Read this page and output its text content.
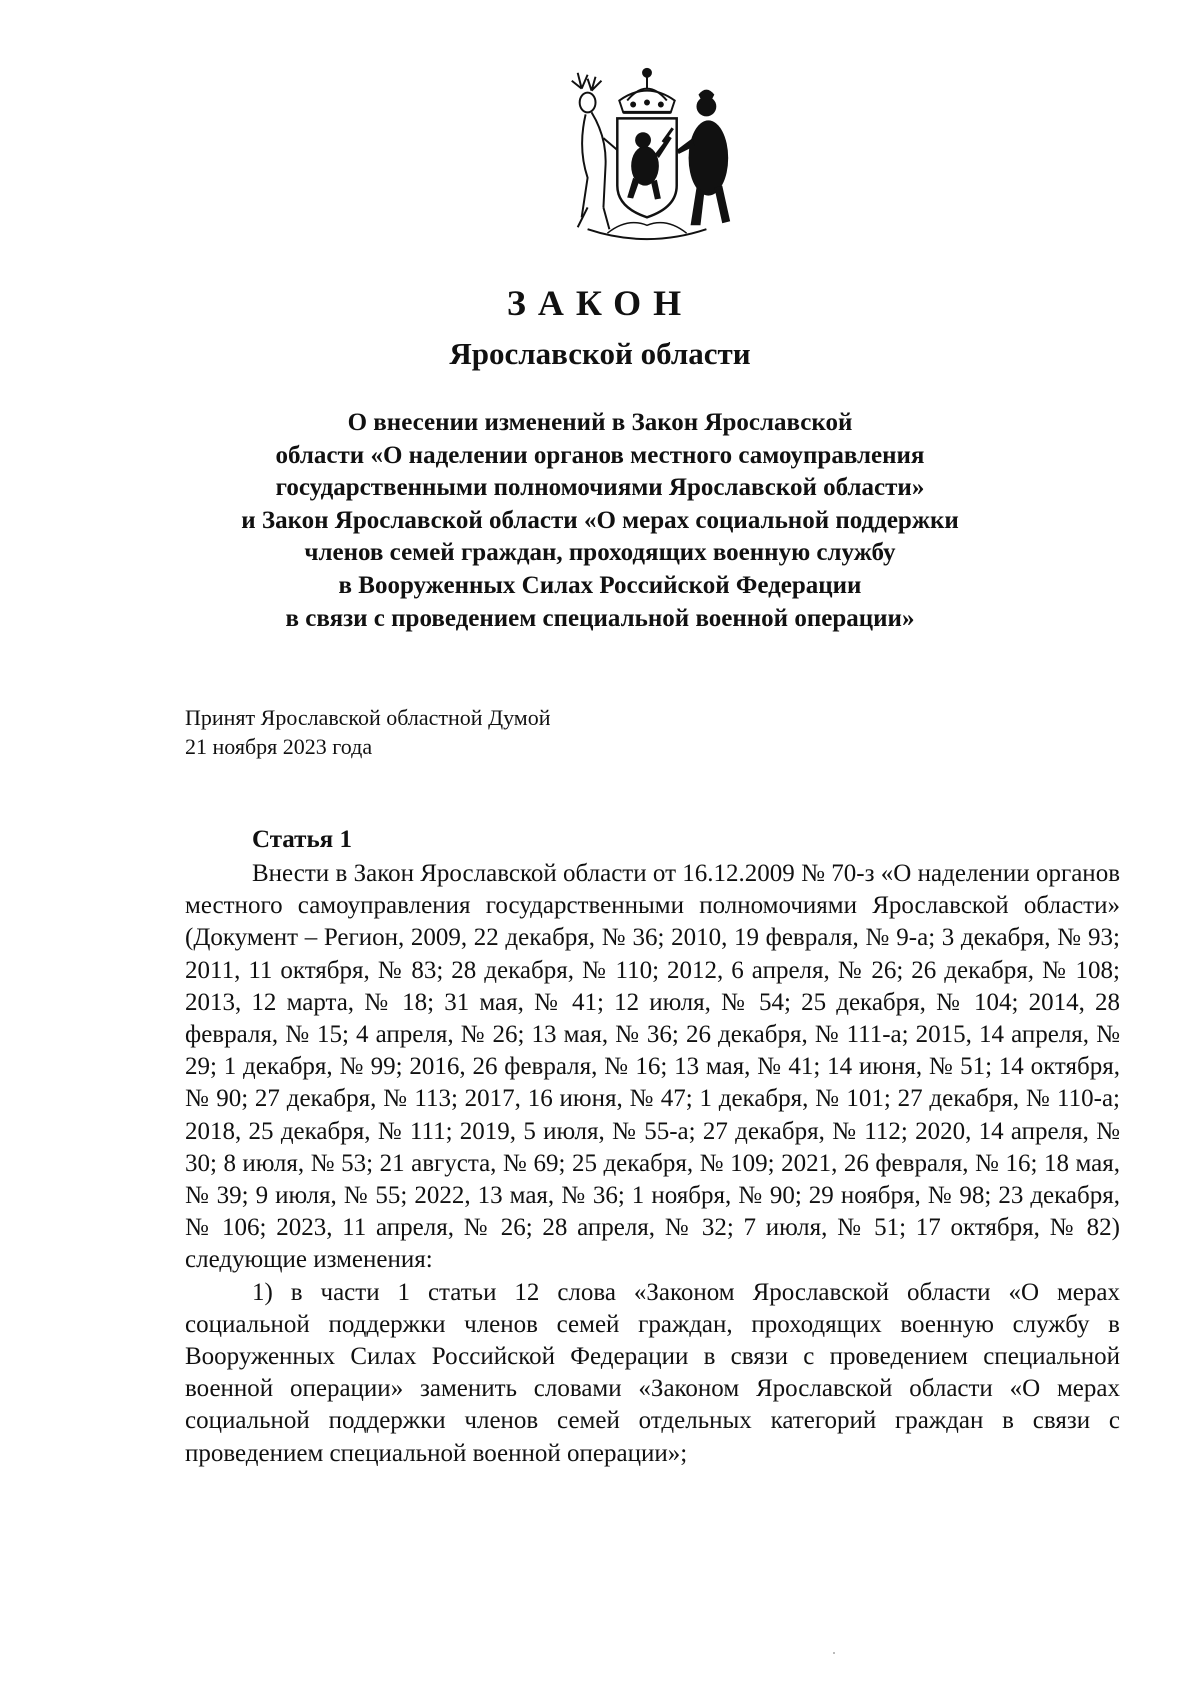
ЗАКОН
Ярославской области
О внесении изменений в Закон Ярославской
области «О наделении органов местного самоуправления
государственными полномочиями Ярославской области»
и Закон Ярославской области «О мерах социальной поддержки
членов семей граждан, проходящих военную службу
в Вооруженных Силах Российской Федерации
в связи с проведением специальной военной операции»
Принят Ярославской областной Думой
21 ноября 2023 года
Статья 1

Внести в Закон Ярославской области от 16.12.2009 № 70-з «О наделении органов местного самоуправления государственными полномочиями Ярославской области» (Документ – Регион, 2009, 22 декабря, № 36; 2010, 19 февраля, № 9-а; 3 декабря, № 93; 2011, 11 октября, № 83; 28 декабря, № 110; 2012, 6 апреля, № 26; 26 декабря, № 108; 2013, 12 марта, № 18; 31 мая, № 41; 12 июля, № 54; 25 декабря, № 104; 2014, 28 февраля, № 15; 4 апреля, № 26; 13 мая, № 36; 26 декабря, № 111-а; 2015, 14 апреля, № 29; 1 декабря, № 99; 2016, 26 февраля, № 16; 13 мая, № 41; 14 июня, № 51; 14 октября, № 90; 27 декабря, № 113; 2017, 16 июня, № 47; 1 декабря, № 101; 27 декабря, № 110-а; 2018, 25 декабря, № 111; 2019, 5 июля, № 55-а; 27 декабря, № 112; 2020, 14 апреля, № 30; 8 июля, № 53; 21 августа, № 69; 25 декабря, № 109; 2021, 26 февраля, № 16; 18 мая, № 39; 9 июля, № 55; 2022, 13 мая, № 36; 1 ноября, № 90; 29 ноября, № 98; 23 декабря, № 106; 2023, 11 апреля, № 26; 28 апреля, № 32; 7 июля, № 51; 17 октября, № 82) следующие изменения:

1) в части 1 статьи 12 слова «Законом Ярославской области «О мерах социальной поддержки членов семей граждан, проходящих военную службу в Вооруженных Силах Российской Федерации в связи с проведением специальной военной операции» заменить словами «Законом Ярославской области «О мерах социальной поддержки членов семей отдельных категорий граждан в связи с проведением специальной военной операции»;
